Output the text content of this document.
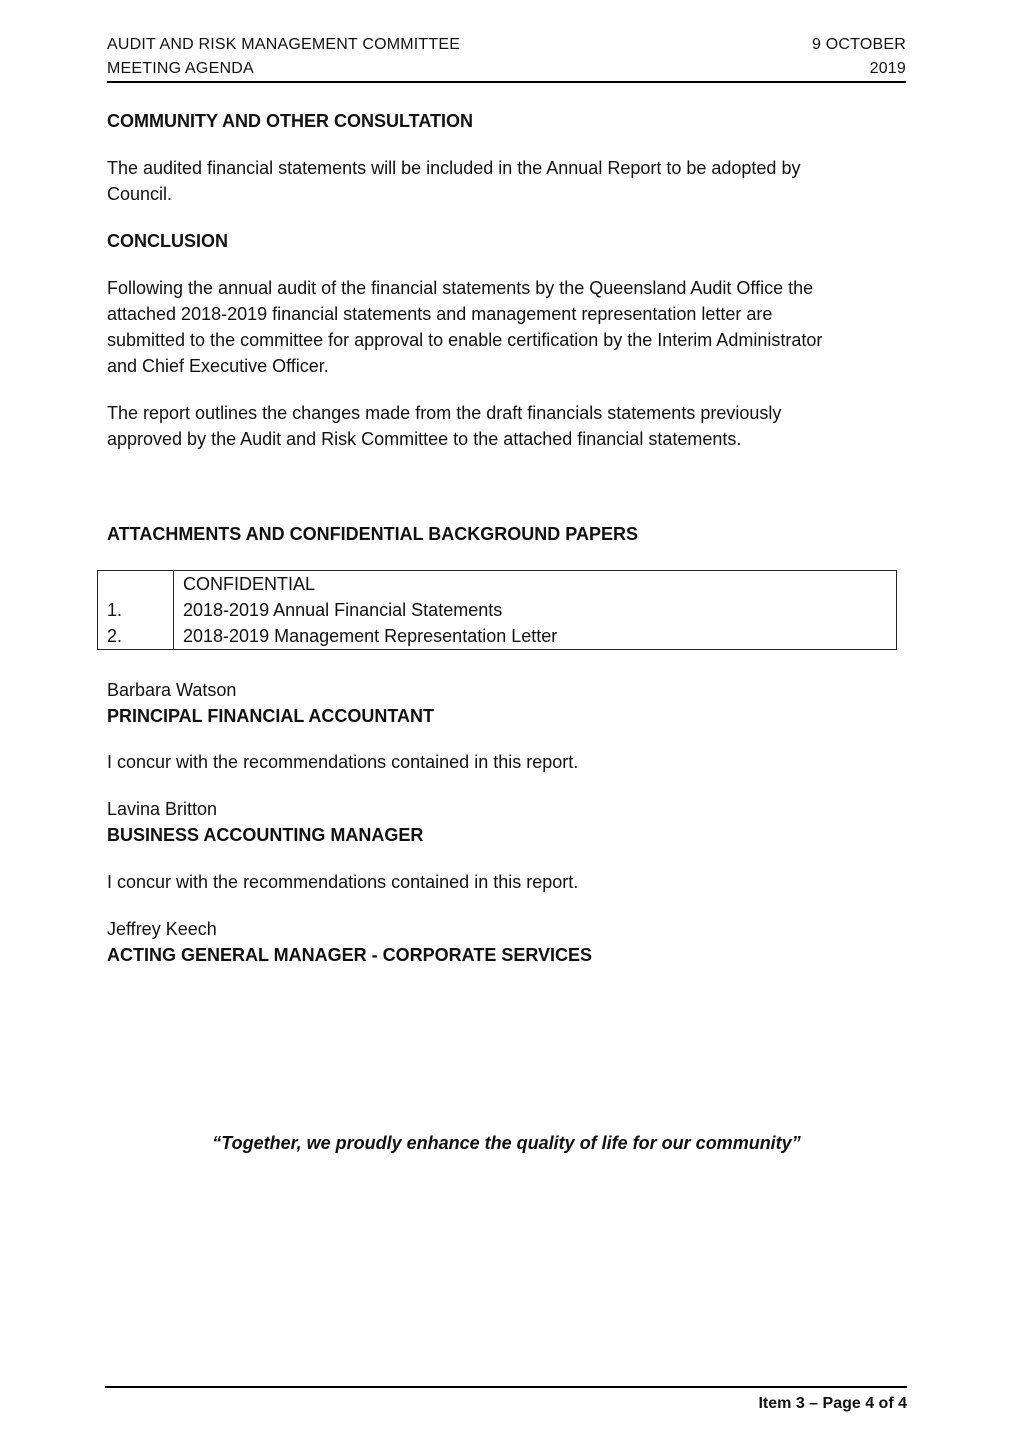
AUDIT AND RISK MANAGEMENT COMMITTEE
MEETING AGENDA
9 OCTOBER
2019

COMMUNITY AND OTHER CONSULTATION

The audited financial statements will be included in the Annual Report to be adopted by

Council.

CONCLUSION

Following the annual audit of the financial statements by the Queensland Audit Office the

attached 2018-2019 financial statements and management representation letter are

submitted to the committee for approval to enable certification by the Interim Administrator

and Chief Executive Officer.

The report outlines the changes made from the draft financials statements previously

approved by the Audit and Risk Committee to the attached financial statements.

ATTACHMENTS AND CONFIDENTIAL BACKGROUND PAPERS

	CONFIDENTIAL
1.	2018-2019 Annual Financial Statements
2.	2018-2019 Management Representation Letter

Barbara Watson

PRINCIPAL FINANCIAL ACCOUNTANT

I concur with the recommendations contained in this report.

Lavina Britton

BUSINESS ACCOUNTING MANAGER

I concur with the recommendations contained in this report.

Jeffrey Keech

ACTING GENERAL MANAGER - CORPORATE SERVICES

“Together, we proudly enhance the quality of life for our community”
Item 3 – Page 4 of 4
